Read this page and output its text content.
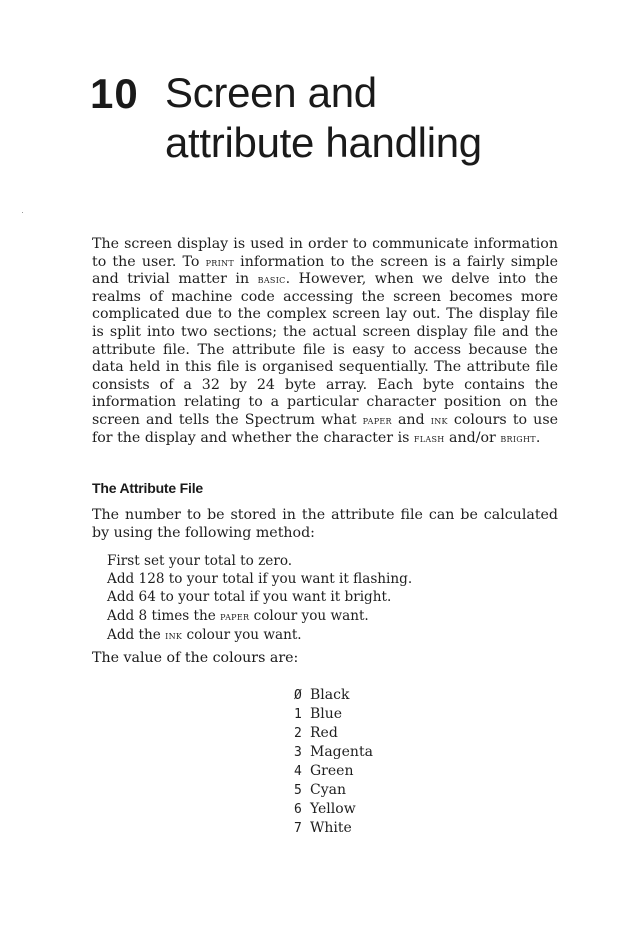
10 Screen and
attribute handling

The screen display is used in order to communicate information to the user. To print information to the screen is a fairly simple and trivial matter in basic. However, when we delve into the realms of machine code accessing the screen becomes more complicated due to the complex screen lay out. The display file is split into two sections; the actual screen display file and the attribute file. The attribute file is easy to access because the data held in this file is organised sequentially. The attribute file consists of a 32 by 24 byte array. Each byte contains the information relating to a particular character position on the screen and tells the Spectrum what paper and ink colours to use for the display and whether the character is flash and/or bright.

The Attribute File

The number to be stored in the attribute file can be calculated by using the following method:

First set your total to zero.
Add 128 to your total if you want it flashing.
Add 64 to your total if you want it bright.
Add 8 times the paper colour you want.
Add the ink colour you want.
The value of the colours are:
Ø Black
1 Blue
2 Red
3 Magenta
4 Green
5 Cyan
6 Yellow
7 White
